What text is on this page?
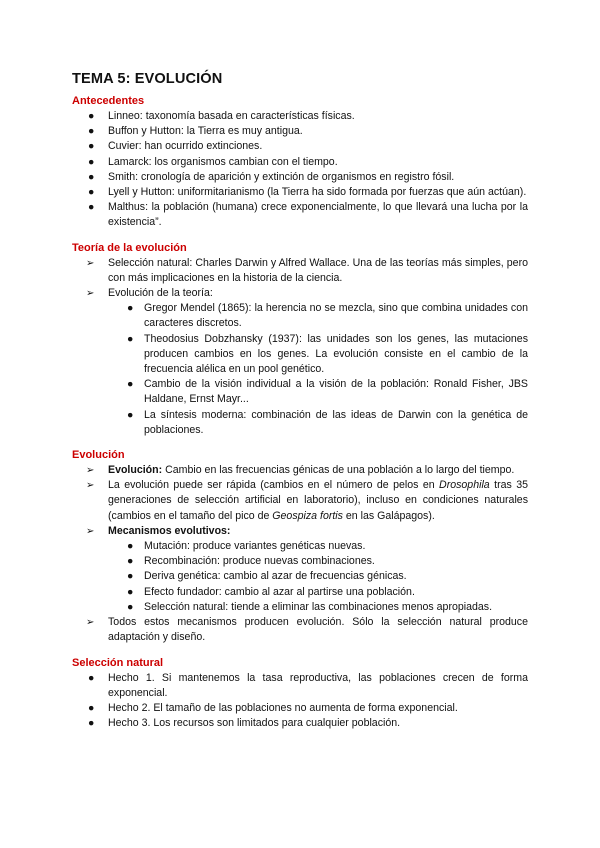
TEMA 5: EVOLUCIÓN
Antecedentes
● Linneo: taxonomía basada en características físicas.
● Buffon y Hutton: la Tierra es muy antigua.
● Cuvier: han ocurrido extinciones.
● Lamarck: los organismos cambian con el tiempo.
● Smith: cronología de aparición y extinción de organismos en registro fósil.
● Lyell y Hutton: uniformitarianismo (la Tierra ha sido formada por fuerzas que aún actúan).
● Malthus: la población (humana) crece exponencialmente, lo que llevará una lucha por la existencia”.
Teoría de la evolución
➢ Selección natural: Charles Darwin y Alfred Wallace. Una de las teorías más simples, pero con más implicaciones en la historia de la ciencia.
➢ Evolución de la teoría:
● Gregor Mendel (1865): la herencia no se mezcla, sino que combina unidades con caracteres discretos.
● Theodosius Dobzhansky (1937): las unidades son los genes, las mutaciones producen cambios en los genes. La evolución consiste en el cambio de la frecuencia alélica en un pool genético.
● Cambio de la visión individual a la visión de la población: Ronald Fisher, JBS Haldane, Ernst Mayr...
● La síntesis moderna: combinación de las ideas de Darwin con la genética de poblaciones.
Evolución
➢ Evolución: Cambio en las frecuencias génicas de una población a lo largo del tiempo.
➢ La evolución puede ser rápida (cambios en el número de pelos en Drosophila tras 35 generaciones de selección artificial en laboratorio), incluso en condiciones naturales (cambios en el tamaño del pico de Geospiza fortis en las Galápagos).
➢ Mecanismos evolutivos:
● Mutación: produce variantes genéticas nuevas.
● Recombinación: produce nuevas combinaciones.
● Deriva genética: cambio al azar de frecuencias génicas.
● Efecto fundador: cambio al azar al partirse una población.
● Selección natural: tiende a eliminar las combinaciones menos apropiadas.
➢ Todos estos mecanismos producen evolución. Sólo la selección natural produce adaptación y diseño.
Selección natural
● Hecho 1. Si mantenemos la tasa reproductiva, las poblaciones crecen de forma exponencial.
● Hecho 2. El tamaño de las poblaciones no aumenta de forma exponencial.
● Hecho 3. Los recursos son limitados para cualquier población.
